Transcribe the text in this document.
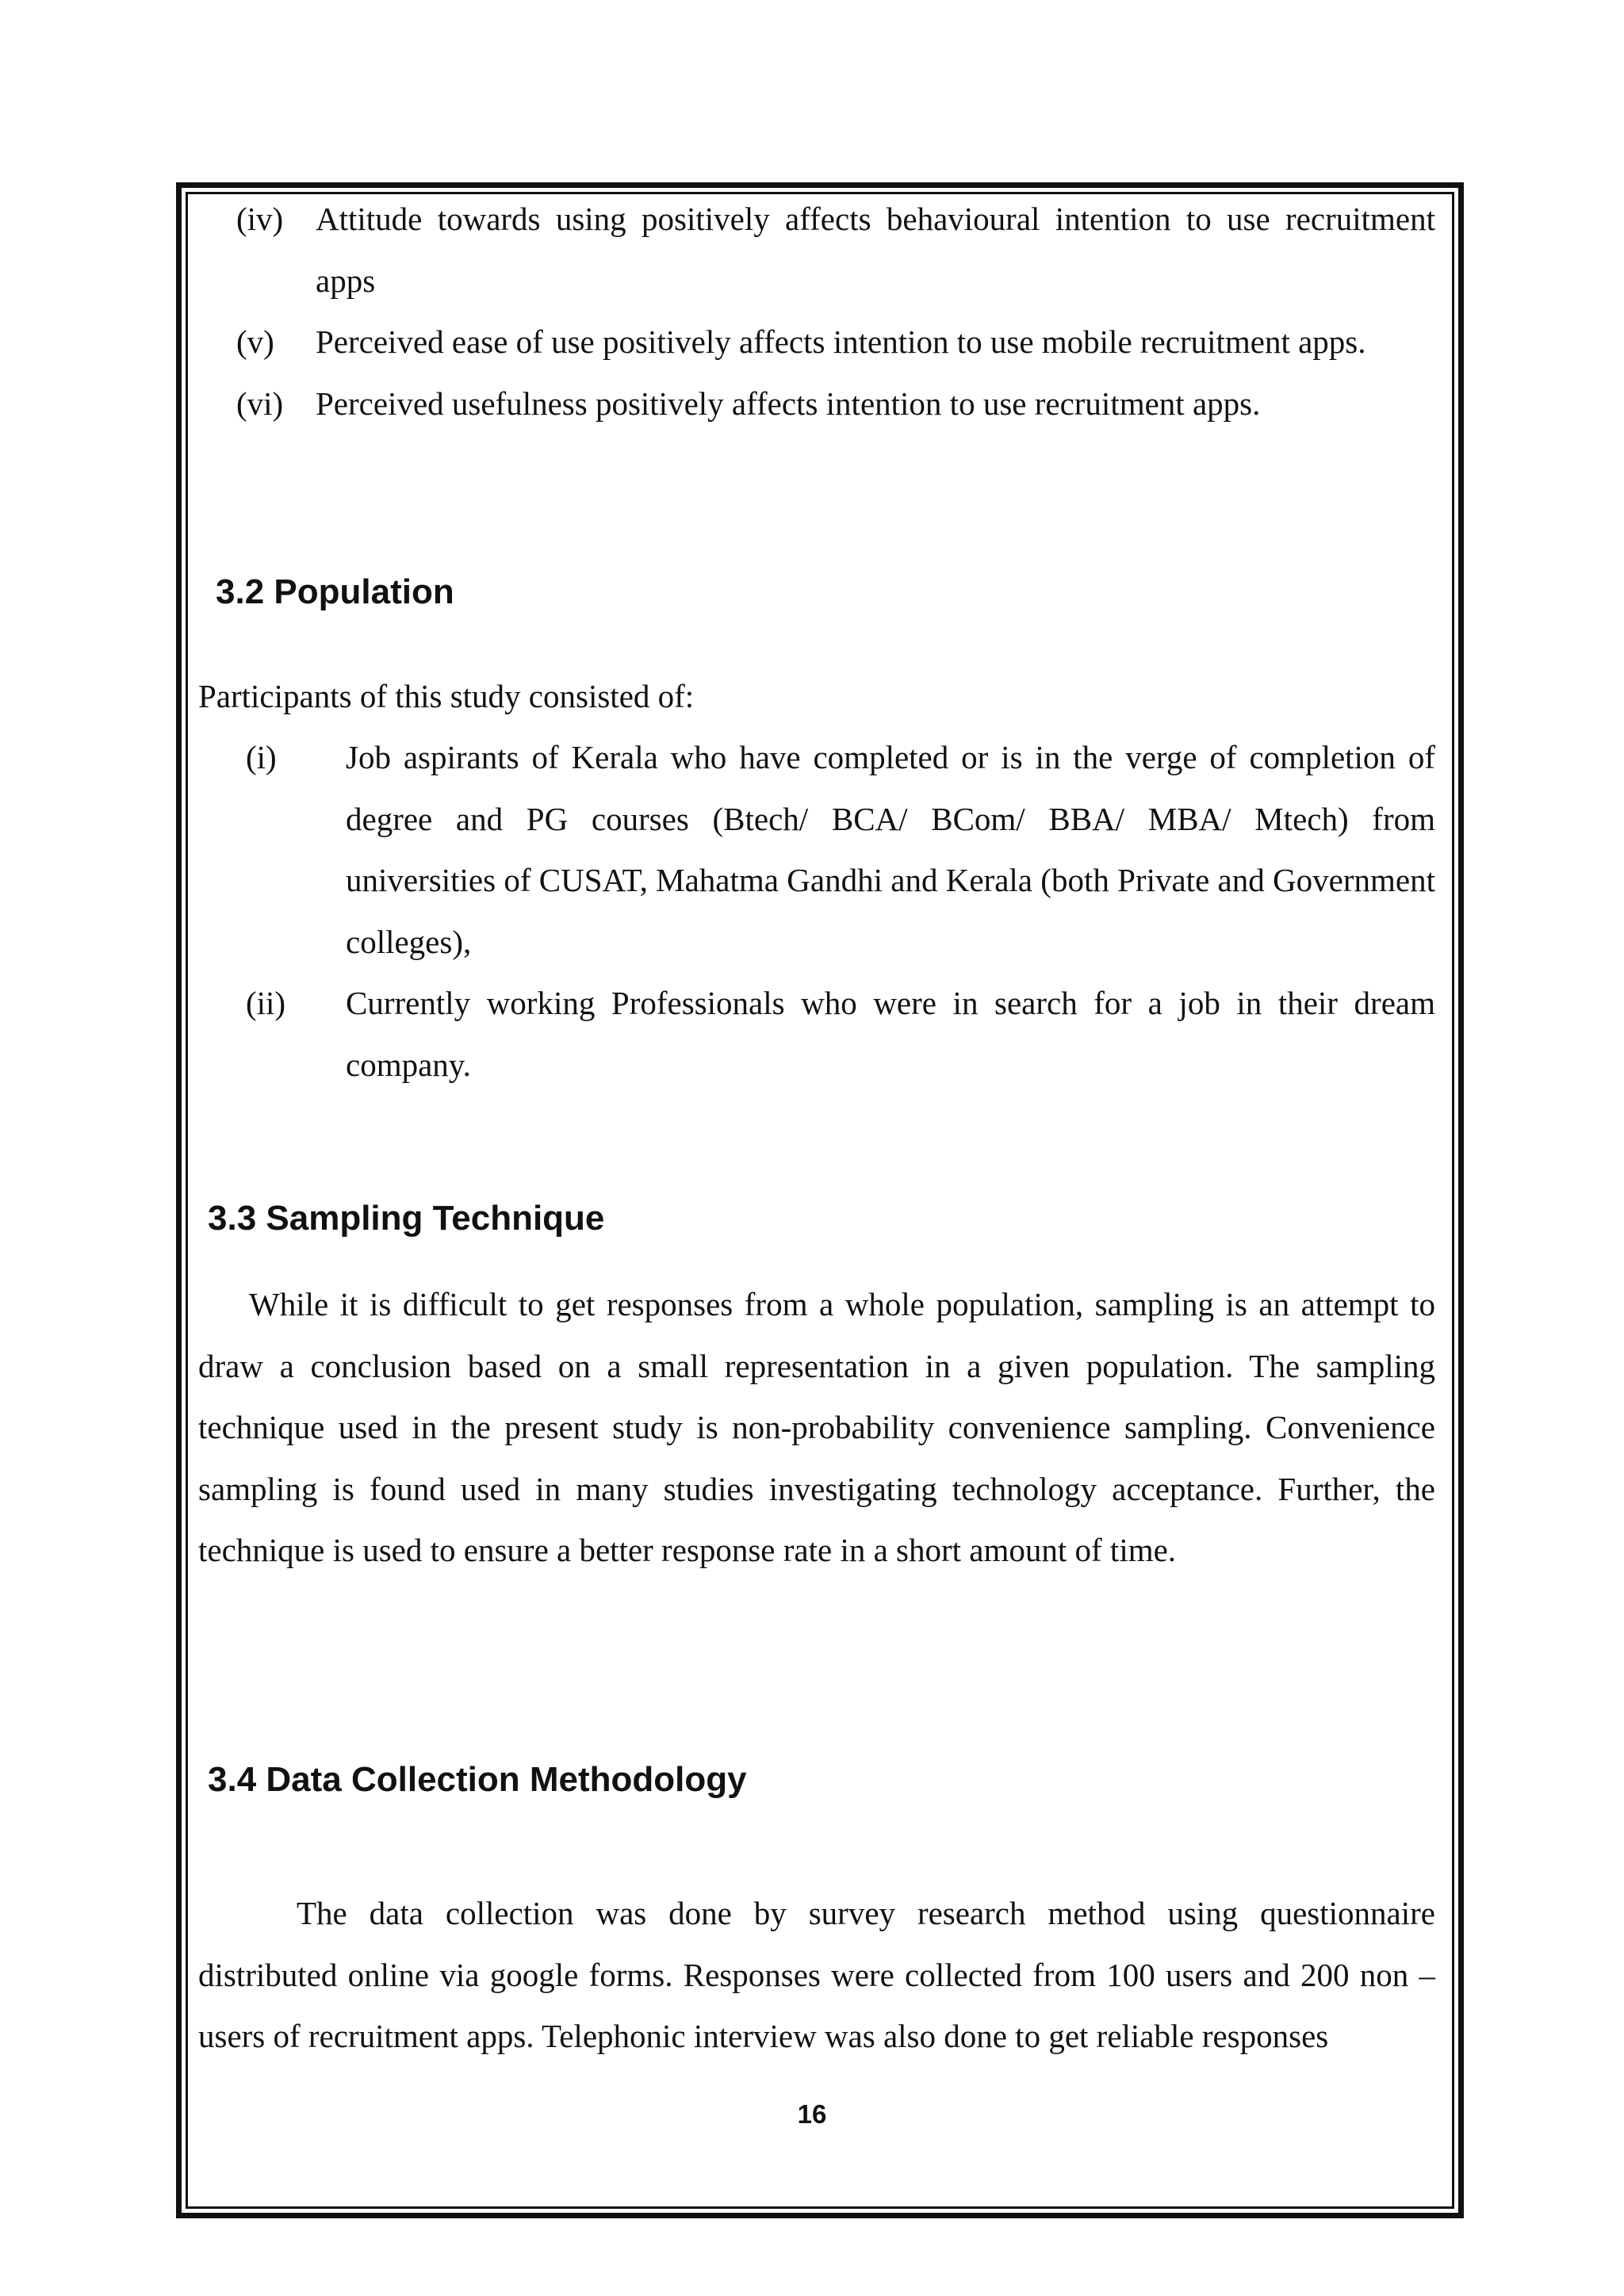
(iv) Attitude towards using positively affects behavioural intention to use recruitment apps
(v)	Perceived ease of use positively affects intention to use mobile recruitment apps.
(vi) Perceived usefulness positively affects intention to use recruitment apps.
3.2 Population

Participants of this study consisted of:

(i)	Job aspirants of Kerala who have completed or is in the verge of completion of degree and PG courses (Btech/ BCA/ BCom/ BBA/ MBA/ Mtech) from universities of CUSAT, Mahatma Gandhi and Kerala (both Private and Government colleges),
(ii)	Currently working Professionals who were in search for a job in their dream company.
3.3 Sampling Technique

While it is difficult to get responses from a whole population, sampling is an attempt to draw a conclusion based on a small representation in a given population. The sampling technique used in the present study is non-probability convenience sampling. Convenience sampling is found used in many studies investigating technology acceptance. Further, the technique is used to ensure a better response rate in a short amount of time.

3.4 Data Collection Methodology

The data collection was done by survey research method using questionnaire distributed online via google forms. Responses were collected from 100 users and 200 non – users of recruitment apps. Telephonic interview was also done to get reliable responses

16
